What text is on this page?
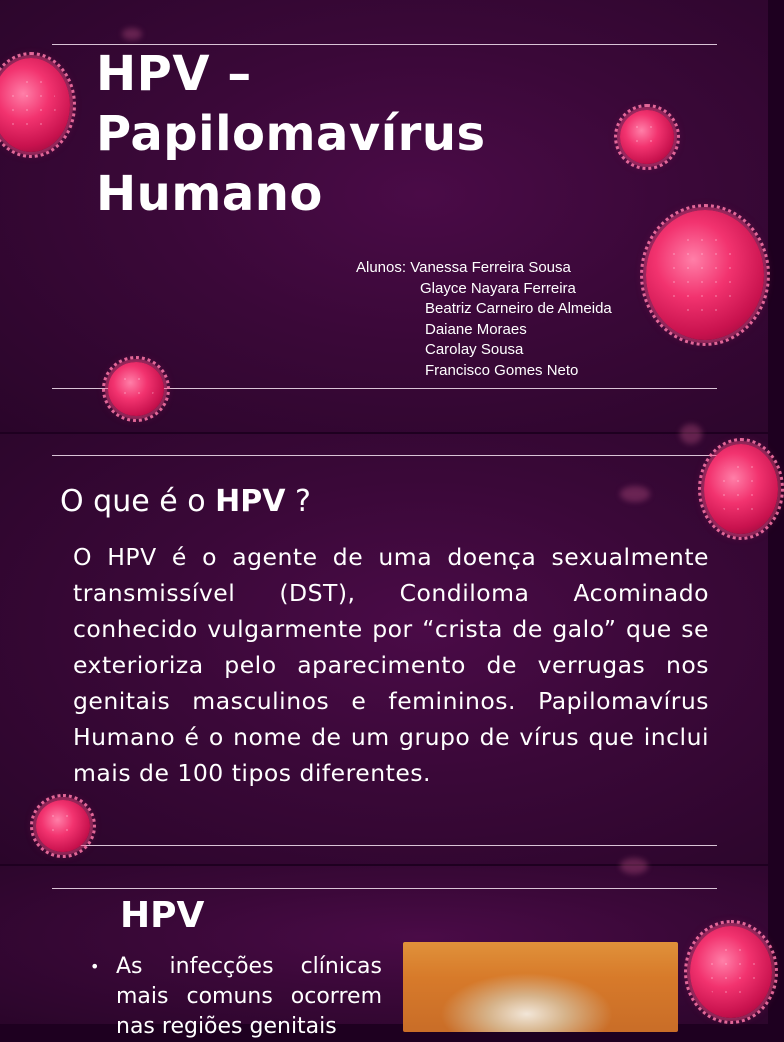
HPV –
Papilomavírus
Humano
Alunos: Vanessa Ferreira Sousa
Glayce Nayara Ferreira
Beatriz Carneiro de Almeida
Daiane Moraes
Carolay Sousa
Francisco Gomes Neto
O que é o HPV ?

O HPV é o agente de uma doença sexualmente transmissível (DST), Condiloma Acominado conhecido vulgarmente por “crista de galo” que se exterioriza pelo aparecimento de verrugas nos genitais masculinos e femininos. Papilomavírus Humano é o nome de um grupo de vírus que inclui mais de 100 tipos diferentes.

HPV
• As infecções clínicas mais comuns ocorrem nas regiões genitais
